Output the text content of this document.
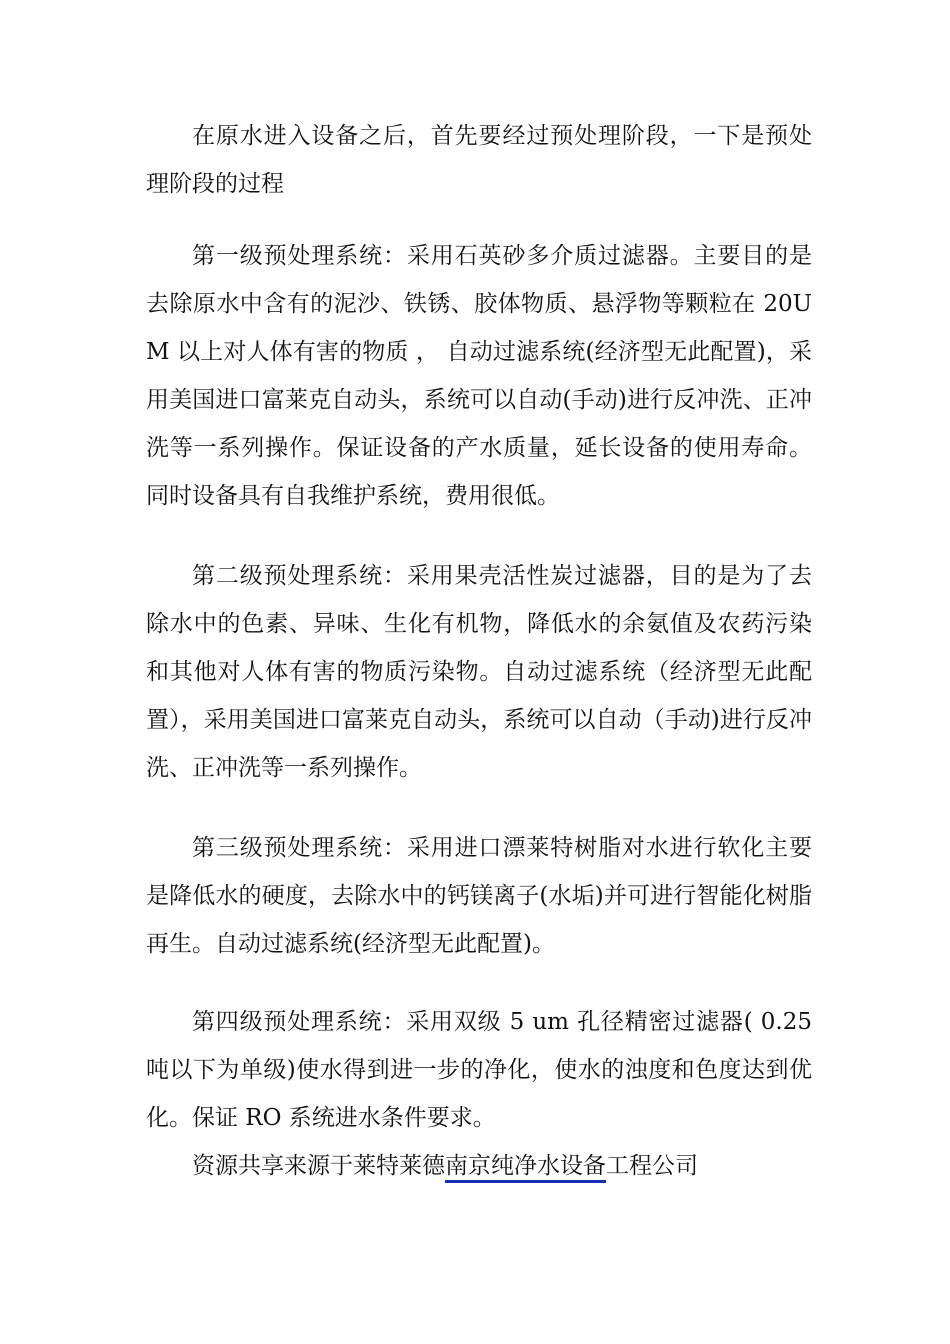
在原水进入设备之后，首先要经过预处理阶段，一下是预处理阶段的过程

第一级预处理系统：采用石英砂多介质过滤器。主要目的是去除原水中含有的泥沙、铁锈、胶体物质、悬浮物等颗粒在 20UM 以上对人体有害的物质 ， 自动过滤系统(经济型无此配置)，采用美国进口富莱克自动头，系统可以自动(手动)进行反冲洗、正冲洗等一系列操作。保证设备的产水质量，延长设备的使用寿命。同时设备具有自我维护系统，费用很低。

第二级预处理系统：采用果壳活性炭过滤器，目的是为了去除水中的色素、异味、生化有机物，降低水的余氨值及农药污染和其他对人体有害的物质污染物。自动过滤系统（经济型无此配置），采用美国进口富莱克自动头，系统可以自动（手动)进行反冲洗、正冲洗等一系列操作。

第三级预处理系统：采用进口漂莱特树脂对水进行软化主要是降低水的硬度，去除水中的钙镁离子(水垢)并可进行智能化树脂再生。自动过滤系统(经济型无此配置)。

第四级预处理系统：采用双级 5 um 孔径精密过滤器( 0.25 吨以下为单级)使水得到进一步的净化，使水的浊度和色度达到优化。保证 RO 系统进水条件要求。

资源共享来源于莱特莱德南京纯净水设备工程公司
